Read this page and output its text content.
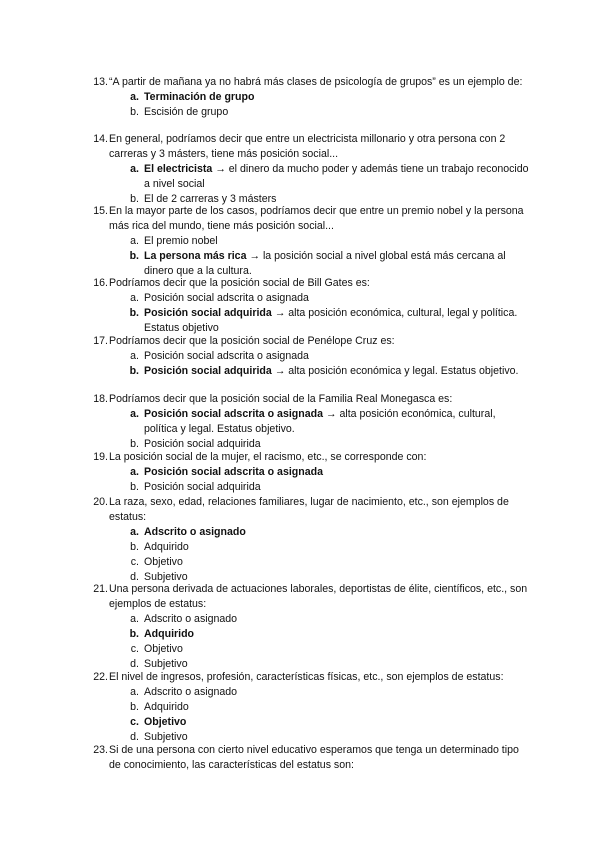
13. “A partir de mañana ya no habrá más clases de psicología de grupos” es un ejemplo de:
a. Terminación de grupo
b. Escisión de grupo
14. En general, podríamos decir que entre un electricista millonario y otra persona con 2 carreras y 3 másters, tiene más posición social...
a. El electricista → el dinero da mucho poder y además tiene un trabajo reconocido a nivel social
b. El de 2 carreras y 3 másters
15. En la mayor parte de los casos, podríamos decir que entre un premio nobel y la persona más rica del mundo, tiene más posición social...
a. El premio nobel
b. La persona más rica → la posición social a nivel global está más cercana al dinero que a la cultura.
16. Podríamos decir que la posición social de Bill Gates es:
a. Posición social adscrita o asignada
b. Posición social adquirida → alta posición económica, cultural, legal y política. Estatus objetivo
17. Podríamos decir que la posición social de Penélope Cruz es:
a. Posición social adscrita o asignada
b. Posición social adquirida → alta posición económica y legal. Estatus objetivo.
18. Podríamos decir que la posición social de la Familia Real Monegasca es:
a. Posición social adscrita o asignada → alta posición económica, cultural, política y legal. Estatus objetivo.
b. Posición social adquirida
19. La posición social de la mujer, el racismo, etc., se corresponde con:
a. Posición social adscrita o asignada
b. Posición social adquirida
20. La raza, sexo, edad, relaciones familiares, lugar de nacimiento, etc., son ejemplos de estatus:
a. Adscrito o asignado
b. Adquirido
c. Objetivo
d. Subjetivo
21. Una persona derivada de actuaciones laborales, deportistas de élite, científicos, etc., son ejemplos de estatus:
a. Adscrito o asignado
b. Adquirido
c. Objetivo
d. Subjetivo
22. El nivel de ingresos, profesión, características físicas, etc., son ejemplos de estatus:
a. Adscrito o asignado
b. Adquirido
c. Objetivo
d. Subjetivo
23. Si de una persona con cierto nivel educativo esperamos que tenga un determinado tipo de conocimiento, las características del estatus son:
